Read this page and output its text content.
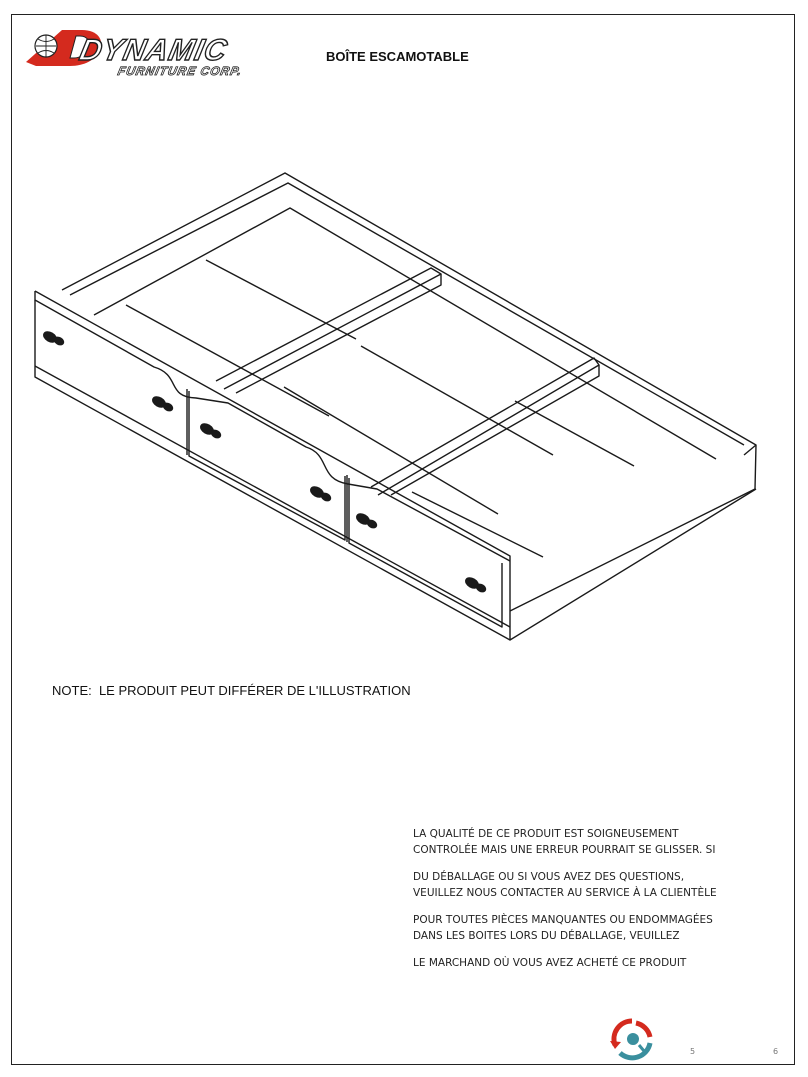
DYNAMIC
FURNITURE CORP.
BOÎTE ESCAMOTABLE
NOTE:  LE PRODUIT PEUT DIFFÉRER DE L'ILLUSTRATION

LA QUALITÉ DE CE PRODUIT EST SOIGNEUSEMENT

CONTROLÉE MAIS UNE ERREUR POURRAIT SE GLISSER. SI

DU DÉBALLAGE OU SI VOUS AVEZ DES QUESTIONS,

VEUILLEZ NOUS CONTACTER AU SERVICE À LA CLIENTÈLE

POUR TOUTES PIÈCES MANQUANTES OU ENDOMMAGÉES

DANS LES BOITES LORS DU DÉBALLAGE, VEUILLEZ

LE MARCHAND OÙ VOUS AVEZ ACHETÉ CE PRODUIT

5	6
